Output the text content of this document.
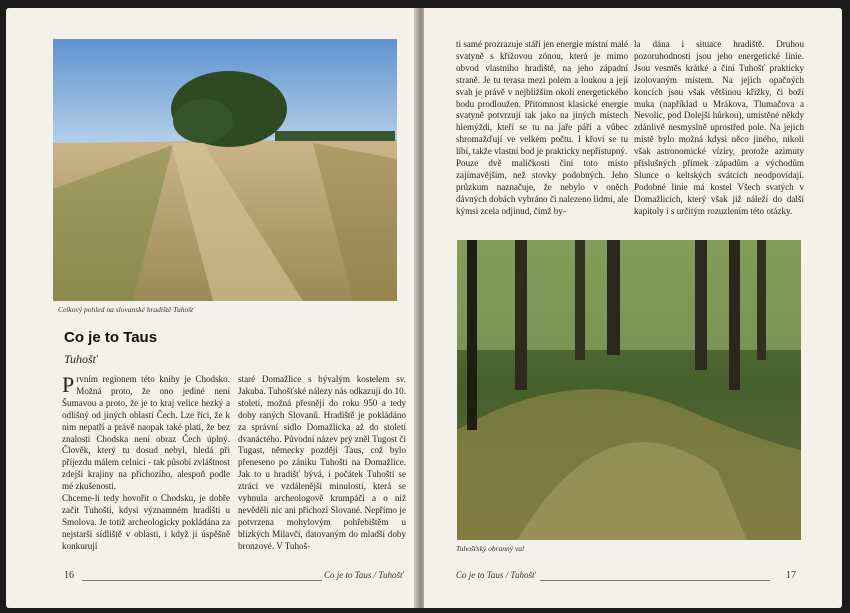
Celkový pohled na slovanské hradiště Tuhošť
Co je to Taus
Tuhošť

Prvním regionem této knihy je Chodsko. Možná proto, že ono jediné není Šumavou a proto, že je to kraj velice hezký a odlišný od jiných oblastí Čech. Lze říci, že k nim nepatří a právě naopak také platí, že bez znalosti Chodska není obraz Čech úplný. Člověk, který tu dosud nebyl, hledá při příjezdu málem celnici - tak působí zvláštnost zdejší krajiny na příchozího, alespoň podle mé zkušenosti.

Chceme-li tedy hovořit o Chodsku, je dobře začít Tuhoští, kdysi významném hradišti u Smolova. Je totiž archeologicky pokládána za nejstarší sídliště v oblasti, i když jí úspěšně konkurují

staré Domažlice s bývalým kostelem sv. Jakuba. Tuhošťské nálezy nás odkazují do 10. století, možná přesněji do roku 950 a tedy doby raných Slovanů. Hradiště je pokládáno za správní sídlo Domažlicka až do století dvanáctého. Původní název prý zněl Tugost či Tugast, německy později Taus, což bylo přeneseno po zániku Tuhošti na Domažlice. Jak to u hradišť bývá, i počátek Tuhošti se ztrácí ve vzdálenější minulosti, která se vyhnula archeologově krumpáči a o níž nevěděli nic ani příchozí Slované. Nepřímo je potvrzena mohylovým pohřebištěm u blízkých Milavčí, datovaným do mladší doby bronzové. V Tuhoš-

16	Co je to Taus / Tuhošť

ti samé prozrazuje stáří jen energie místní malé svatyně s křížovou zónou, která je mimo obvod vlastního hradiště, na jeho západní straně. Je tu terasa mezi polem a loukou a její svah je právě v nejbližším okolí energetického bodu prodloužen. Přítomnost klasické energie svatyně potvrzují tak jako na jiných místech hlemýždi, kteří se tu na jaře páří a vůbec shromažďují ve velkém počtu. I křoví se tu líbí, takže vlastní bod je prakticky nepřístupný.

Pouze dvě maličkosti činí toto místo zajímavějším, než stovky podobných. Jeho průzkum naznačuje, že nebylo v oněch dávných dobách vybráno či nalezeno lidmi, ale kýmsi zcela odjinud, čímž by-

la dána i situace hradiště. Druhou pozoruhodností jsou jeho energetické linie. Jsou vesměs krátké a činí Tuhošť prakticky izolovaným místem. Na jejich opačných koncích jsou však většinou křížky, či boží muka (například u Mrákova, Tlumačova a Nevolic, pod Dolejší hůrkou), umístěné někdy zdánlivě nesmyslně uprostřed pole. Na jejich místě bylo možná kdysi něco jiného, nikoli však astronomické víziry, protože azimuty příslušných přímek západům a východům Slunce o keltských svátcích neodpovídají. Podobné linie má kostel Všech svatých v Domažlicích, který však již náleží do další kapitoly i s určitým rozuzlením této otázky.

Tuhošťský obranný val
Co je to Taus / Tuhošť	17
